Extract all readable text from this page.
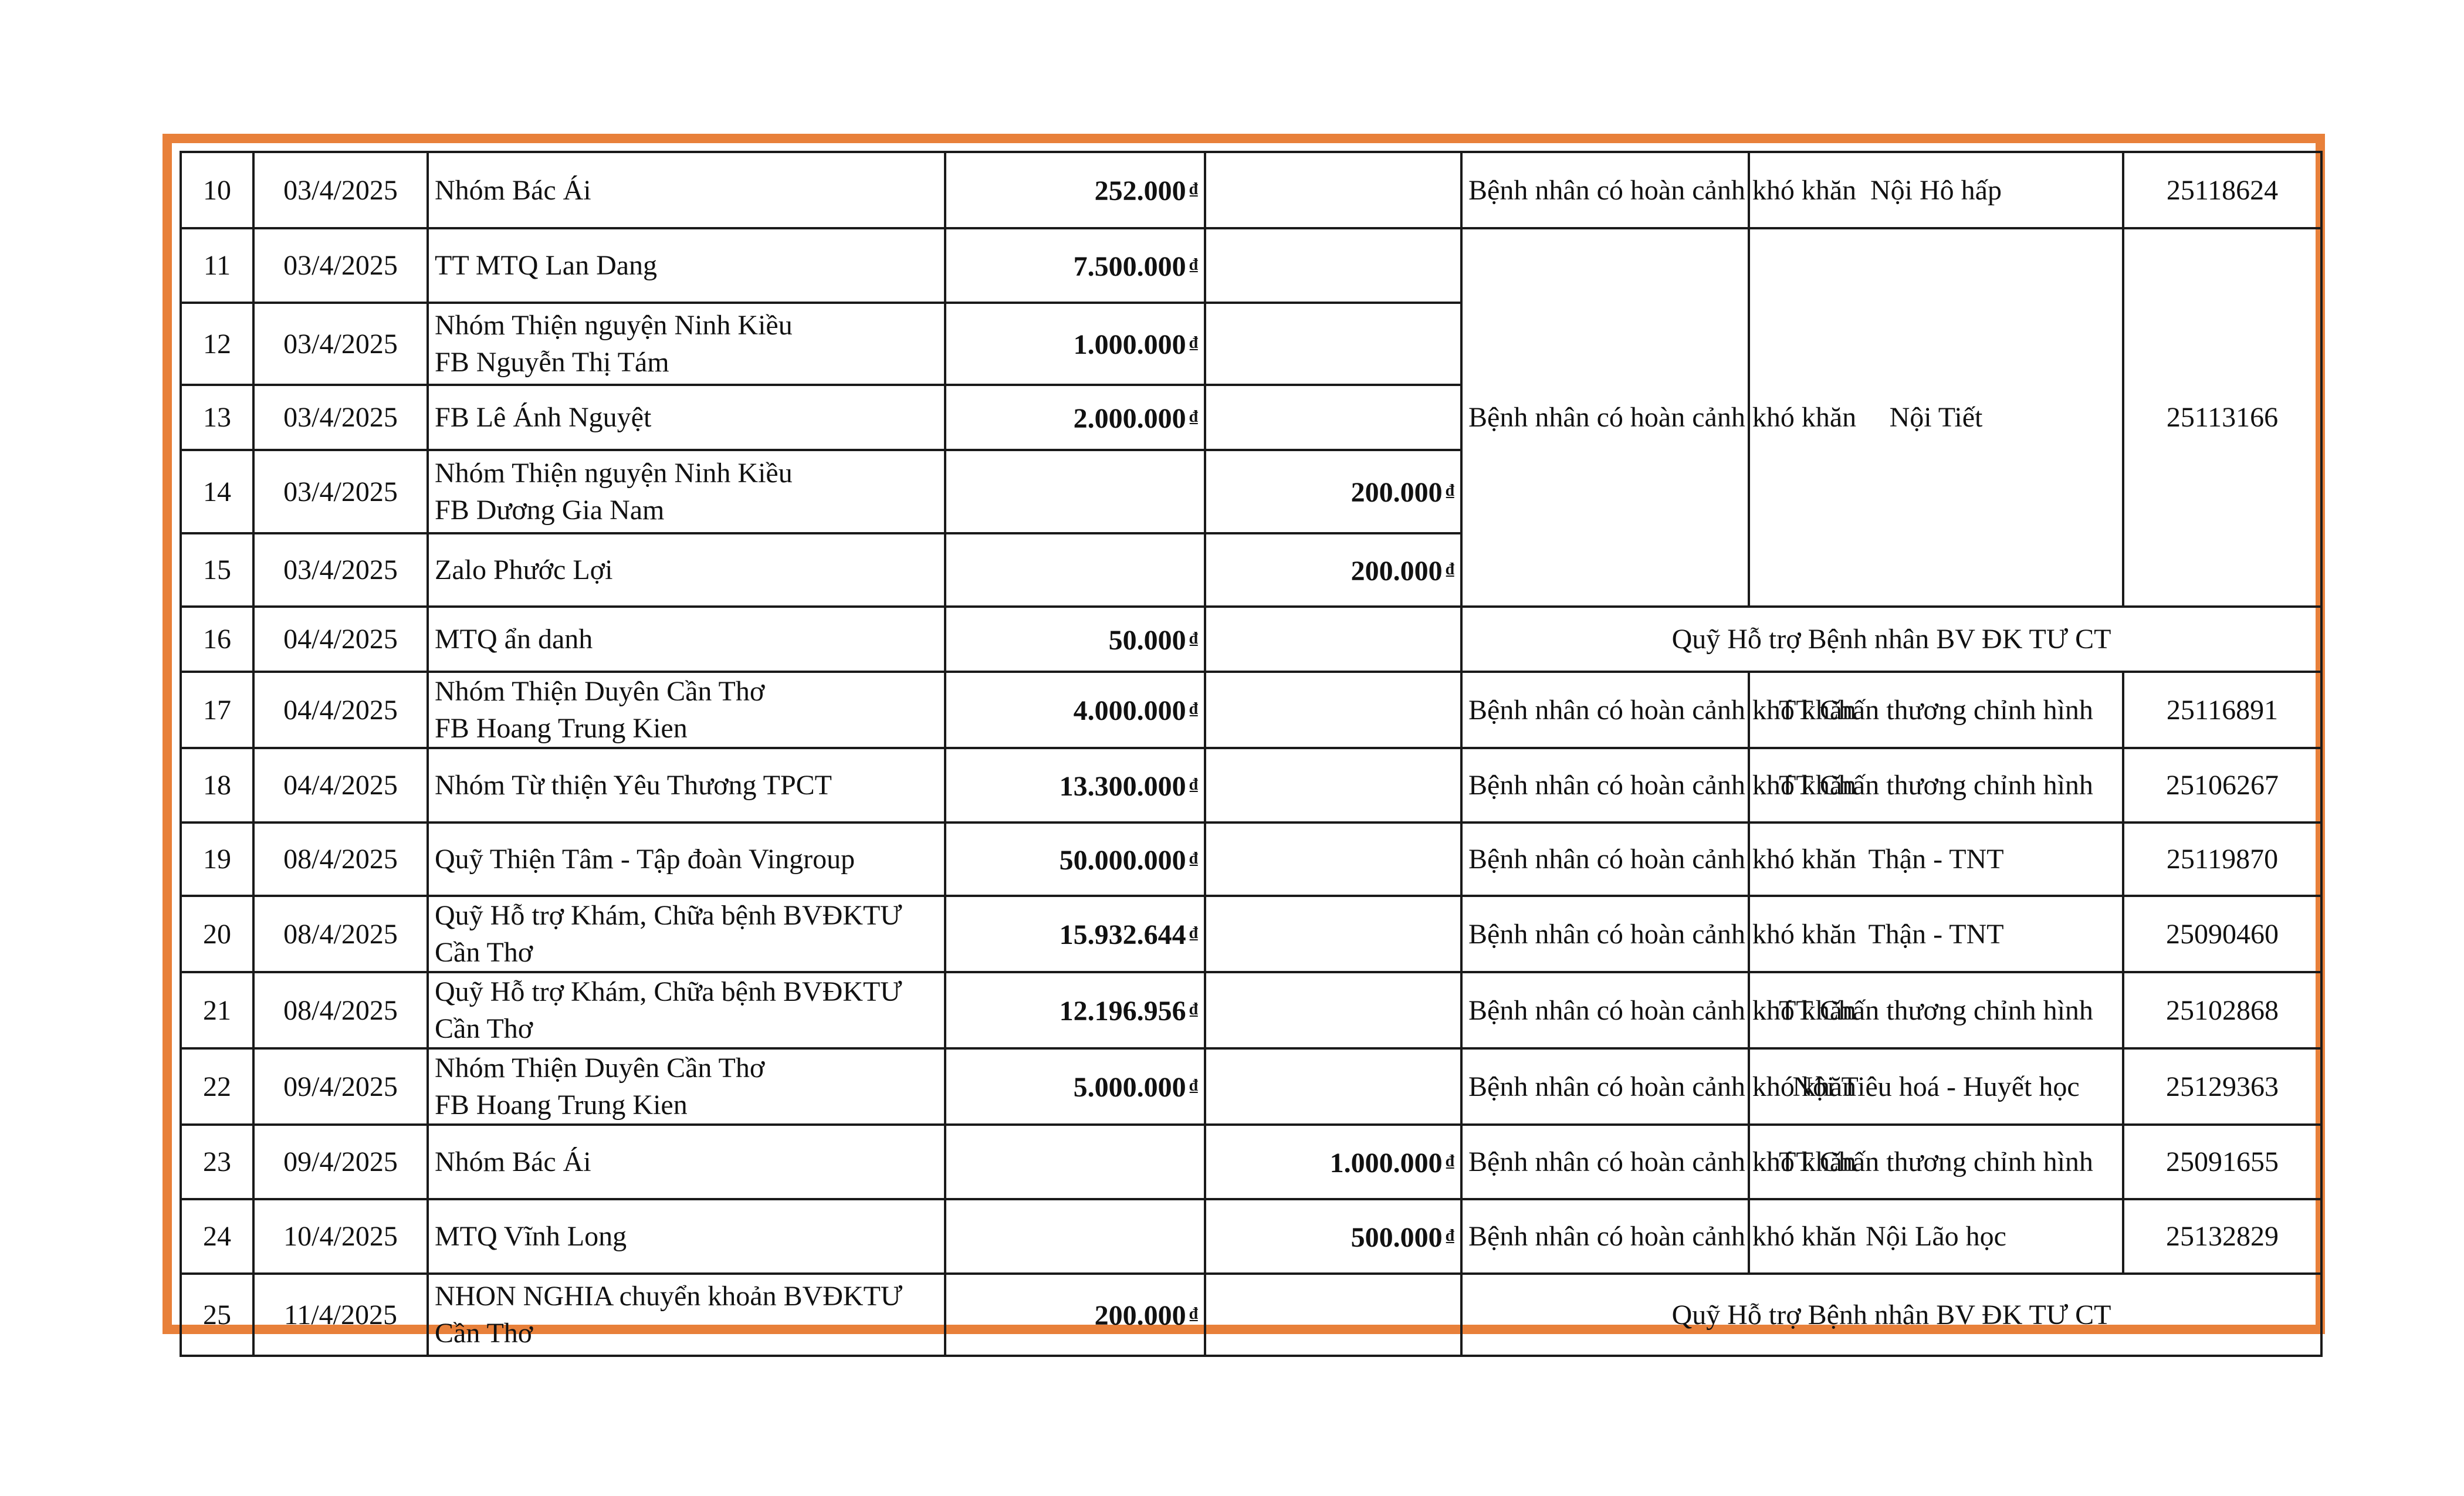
10	03/4/2025	Nhóm Bác Ái	252.000 ₫		Bệnh nhân có hoàn cảnh khó khăn	Nội Hô hấp	25118624
11	03/4/2025	TT MTQ Lan Dang	7.500.000 ₫		Bệnh nhân có hoàn cảnh khó khăn	Nội Tiết	25113166
12	03/4/2025	Nhóm Thiện nguyện Ninh Kiều
FB Nguyễn Thị Tám	1.000.000 ₫	
13	03/4/2025	FB Lê Ánh Nguyệt	2.000.000 ₫	
14	03/4/2025	Nhóm Thiện nguyện Ninh Kiều
FB Dương Gia Nam		200.000 ₫
15	03/4/2025	Zalo Phước Lợi		200.000 ₫
16	04/4/2025	MTQ ẩn danh	50.000 ₫		Quỹ Hỗ trợ Bệnh nhân BV ĐK TƯ CT		
17	04/4/2025	Nhóm Thiện Duyên Cần Thơ
FB Hoang Trung Kien	4.000.000 ₫		Bệnh nhân có hoàn cảnh khó khăn	TT Chấn thương chỉnh hình	25116891
18	04/4/2025	Nhóm Từ thiện Yêu Thương TPCT	13.300.000 ₫		Bệnh nhân có hoàn cảnh khó khăn	TT Chấn thương chỉnh hình	25106267
19	08/4/2025	Quỹ Thiện Tâm - Tập đoàn Vingroup	50.000.000 ₫		Bệnh nhân có hoàn cảnh khó khăn	Thận - TNT	25119870
20	08/4/2025	Quỹ Hỗ trợ Khám, Chữa bệnh BVĐKTƯ
Cần Thơ	15.932.644 ₫		Bệnh nhân có hoàn cảnh khó khăn	Thận - TNT	25090460
21	08/4/2025	Quỹ Hỗ trợ Khám, Chữa bệnh BVĐKTƯ
Cần Thơ	12.196.956 ₫		Bệnh nhân có hoàn cảnh khó khăn	TT Chấn thương chỉnh hình	25102868
22	09/4/2025	Nhóm Thiện Duyên Cần Thơ
FB Hoang Trung Kien	5.000.000 ₫		Bệnh nhân có hoàn cảnh khó khăn	Nội Tiêu hoá - Huyết học	25129363
23	09/4/2025	Nhóm Bác Ái		1.000.000 ₫	Bệnh nhân có hoàn cảnh khó khăn	TT Chấn thương chỉnh hình	25091655
24	10/4/2025	MTQ Vĩnh Long		500.000 ₫	Bệnh nhân có hoàn cảnh khó khăn	Nội Lão học	25132829
25	11/4/2025	NHON NGHIA chuyển khoản BVĐKTƯ
Cần Thơ	200.000 ₫		Quỹ Hỗ trợ Bệnh nhân BV ĐK TƯ CT		
